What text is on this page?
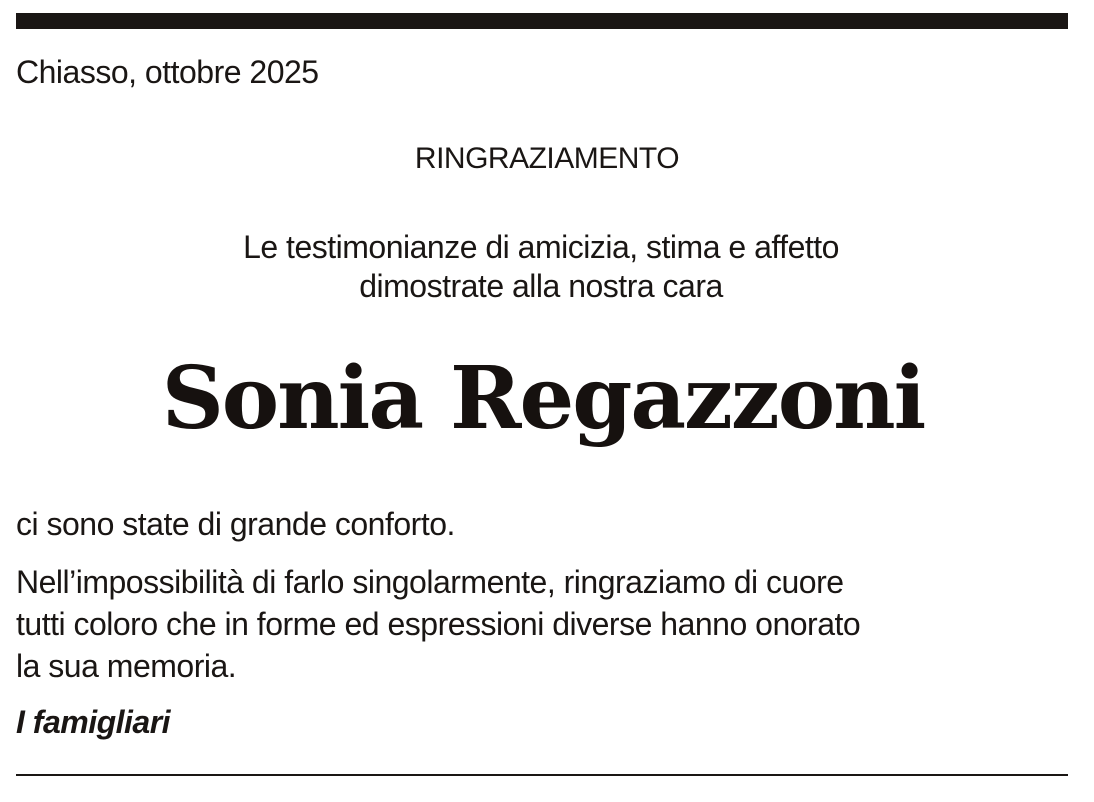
Chiasso, ottobre 2025

RINGRAZIAMENTO

Le testimonianze di amicizia, stima e affetto
dimostrate alla nostra cara
Sonia Regazzoni

ci sono state di grande conforto.

Nell’impossibilità di farlo singolarmente, ringraziamo di cuore
tutti coloro che in forme ed espressioni diverse hanno onorato
la sua memoria.

I famigliari
